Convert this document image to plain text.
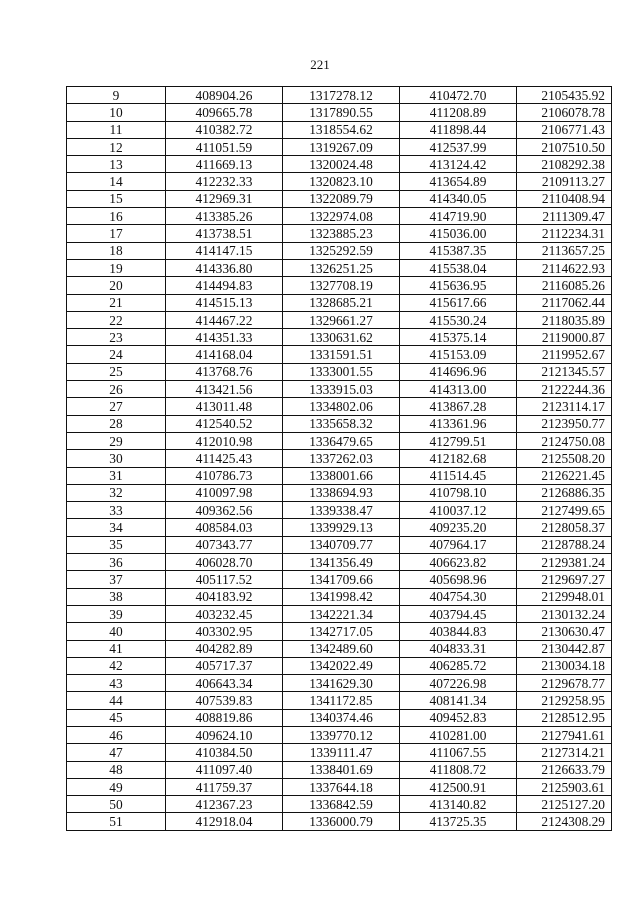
221
9	408904.26	1317278.12	410472.70	2105435.92
10	409665.78	1317890.55	411208.89	2106078.78
11	410382.72	1318554.62	411898.44	2106771.43
12	411051.59	1319267.09	412537.99	2107510.50
13	411669.13	1320024.48	413124.42	2108292.38
14	412232.33	1320823.10	413654.89	2109113.27
15	412969.31	1322089.79	414340.05	2110408.94
16	413385.26	1322974.08	414719.90	2111309.47
17	413738.51	1323885.23	415036.00	2112234.31
18	414147.15	1325292.59	415387.35	2113657.25
19	414336.80	1326251.25	415538.04	2114622.93
20	414494.83	1327708.19	415636.95	2116085.26
21	414515.13	1328685.21	415617.66	2117062.44
22	414467.22	1329661.27	415530.24	2118035.89
23	414351.33	1330631.62	415375.14	2119000.87
24	414168.04	1331591.51	415153.09	2119952.67
25	413768.76	1333001.55	414696.96	2121345.57
26	413421.56	1333915.03	414313.00	2122244.36
27	413011.48	1334802.06	413867.28	2123114.17
28	412540.52	1335658.32	413361.96	2123950.77
29	412010.98	1336479.65	412799.51	2124750.08
30	411425.43	1337262.03	412182.68	2125508.20
31	410786.73	1338001.66	411514.45	2126221.45
32	410097.98	1338694.93	410798.10	2126886.35
33	409362.56	1339338.47	410037.12	2127499.65
34	408584.03	1339929.13	409235.20	2128058.37
35	407343.77	1340709.77	407964.17	2128788.24
36	406028.70	1341356.49	406623.82	2129381.24
37	405117.52	1341709.66	405698.96	2129697.27
38	404183.92	1341998.42	404754.30	2129948.01
39	403232.45	1342221.34	403794.45	2130132.24
40	403302.95	1342717.05	403844.83	2130630.47
41	404282.89	1342489.60	404833.31	2130442.87
42	405717.37	1342022.49	406285.72	2130034.18
43	406643.34	1341629.30	407226.98	2129678.77
44	407539.83	1341172.85	408141.34	2129258.95
45	408819.86	1340374.46	409452.83	2128512.95
46	409624.10	1339770.12	410281.00	2127941.61
47	410384.50	1339111.47	411067.55	2127314.21
48	411097.40	1338401.69	411808.72	2126633.79
49	411759.37	1337644.18	412500.91	2125903.61
50	412367.23	1336842.59	413140.82	2125127.20
51	412918.04	1336000.79	413725.35	2124308.29
